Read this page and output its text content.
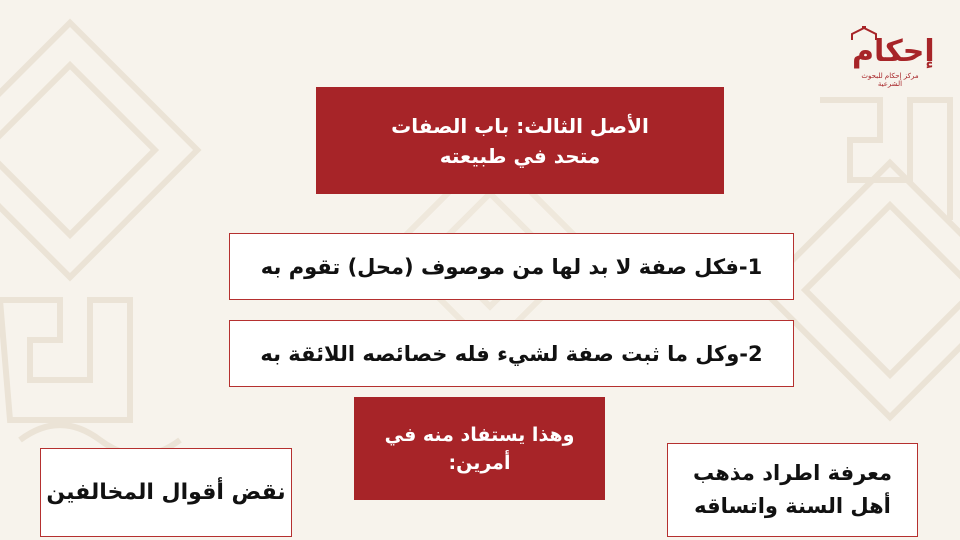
إحكام
مركز إحكام للبحوث الشرعية
الأصل الثالث: باب الصفات متحد في طبيعته
1-فكل صفة لا بد لها من موصوف (محل) تقوم به
2-وكل ما ثبت صفة لشيء فله خصائصه اللائقة به
وهذا يستفاد منه في أمرين:
نقض أقوال المخالفين
معرفة اطراد مذهب أهل السنة واتساقه
